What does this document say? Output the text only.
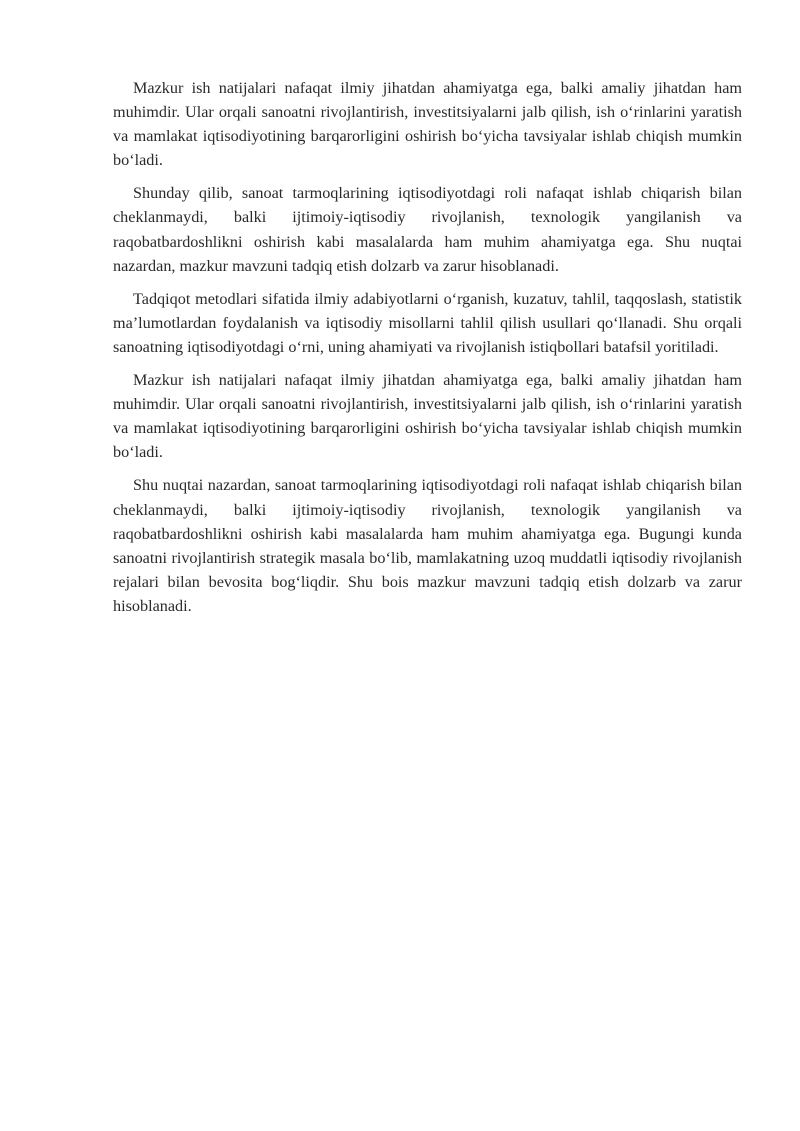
Mazkur ish natijalari nafaqat ilmiy jihatdan ahamiyatga ega, balki amaliy jihatdan ham muhimdir. Ular orqali sanoatni rivojlantirish, investitsiyalarni jalb qilish, ish o‘rinlarini yaratish va mamlakat iqtisodiyotining barqarorligini oshirish bo‘yicha tavsiyalar ishlab chiqish mumkin bo‘ladi.

Shunday qilib, sanoat tarmoqlarining iqtisodiyotdagi roli nafaqat ishlab chiqarish bilan cheklanmaydi, balki ijtimoiy-iqtisodiy rivojlanish, texnologik yangilanish va raqobatbardoshlikni oshirish kabi masalalarda ham muhim ahamiyatga ega. Shu nuqtai nazardan, mazkur mavzuni tadqiq etish dolzarb va zarur hisoblanadi.

Tadqiqot metodlari sifatida ilmiy adabiyotlarni o‘rganish, kuzatuv, tahlil, taqqoslash, statistik ma’lumotlardan foydalanish va iqtisodiy misollarni tahlil qilish usullari qo‘llanadi. Shu orqali sanoatning iqtisodiyotdagi o‘rni, uning ahamiyati va rivojlanish istiqbollari batafsil yoritiladi.

Mazkur ish natijalari nafaqat ilmiy jihatdan ahamiyatga ega, balki amaliy jihatdan ham muhimdir. Ular orqali sanoatni rivojlantirish, investitsiyalarni jalb qilish, ish o‘rinlarini yaratish va mamlakat iqtisodiyotining barqarorligini oshirish bo‘yicha tavsiyalar ishlab chiqish mumkin bo‘ladi.

Shu nuqtai nazardan, sanoat tarmoqlarining iqtisodiyotdagi roli nafaqat ishlab chiqarish bilan cheklanmaydi, balki ijtimoiy-iqtisodiy rivojlanish, texnologik yangilanish va raqobatbardoshlikni oshirish kabi masalalarda ham muhim ahamiyatga ega. Bugungi kunda sanoatni rivojlantirish strategik masala bo‘lib, mamlakatning uzoq muddatli iqtisodiy rivojlanish rejalari bilan bevosita bog‘liqdir. Shu bois mazkur mavzuni tadqiq etish dolzarb va zarur hisoblanadi.
